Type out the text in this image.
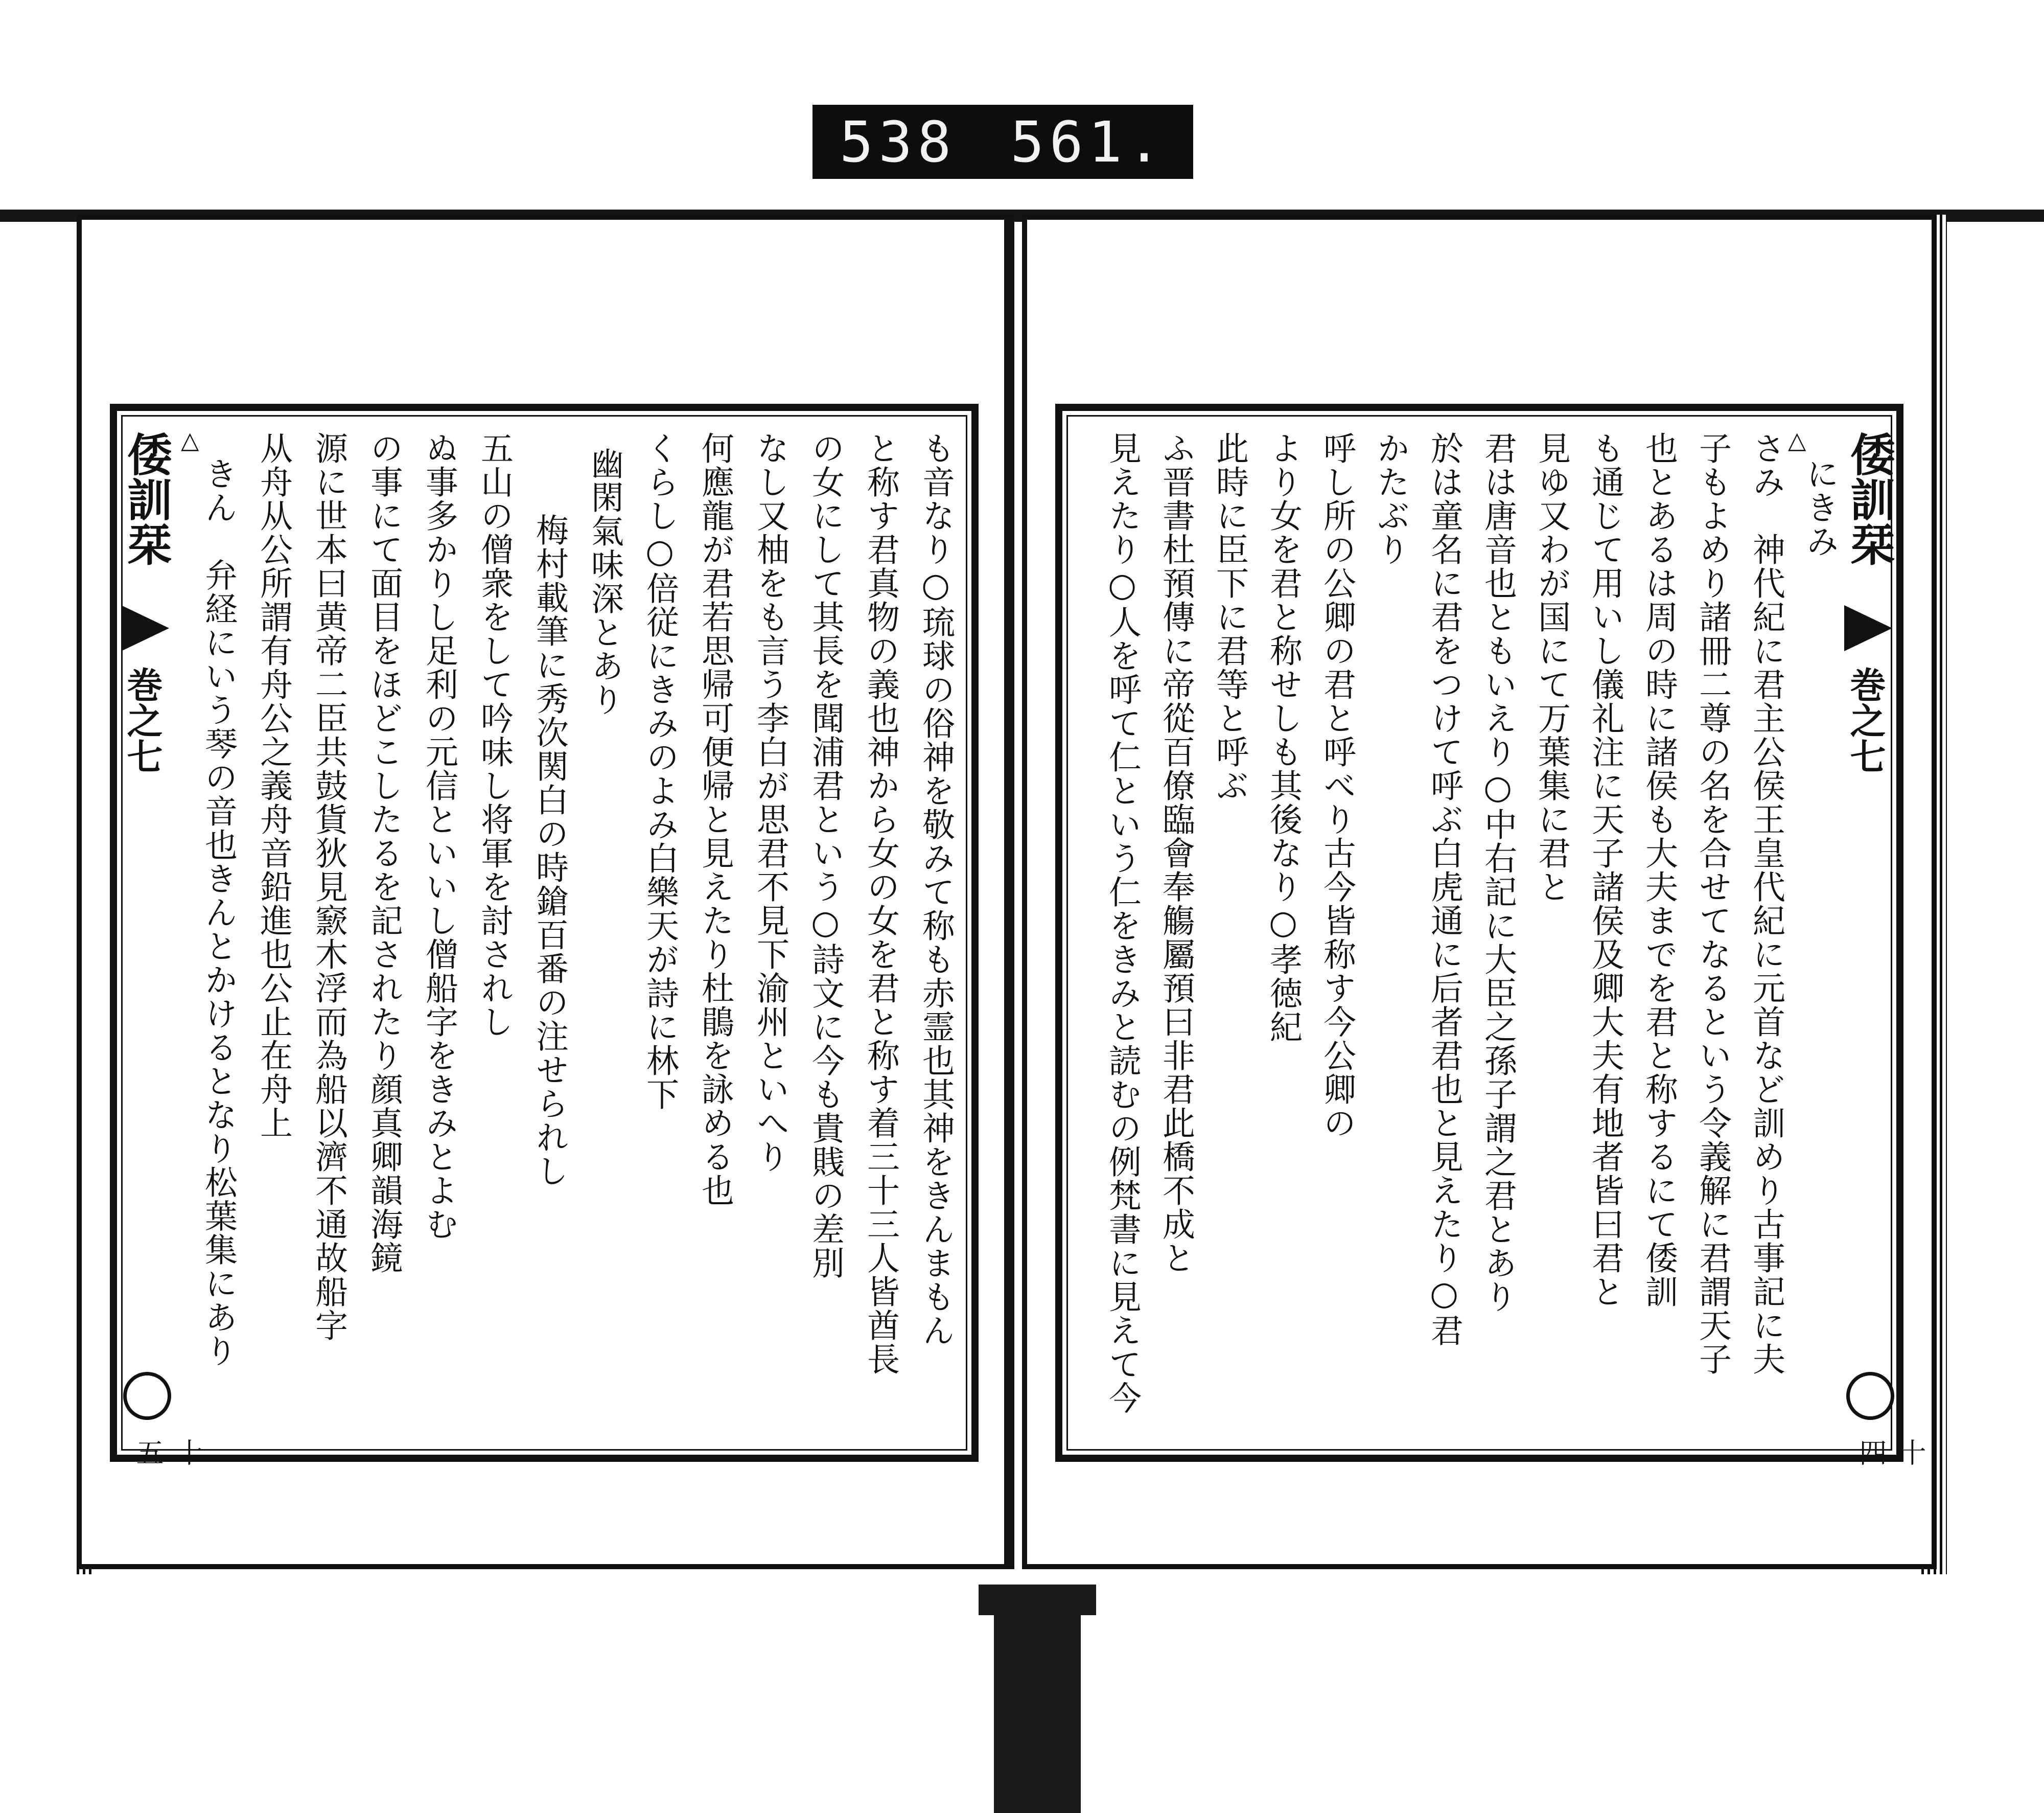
538 561.
倭訓栞
巻之七
十五
△	も音なり○琉球の俗神を敬みて称も赤霊也其神をきんまもん
と称す君真物の義也神から女の女を君と称す着三十三人皆酋長
の女にして其長を聞浦君という○詩文に今も貴賎の差別
なし又柚をも言う李白が思君不見下渝州といへり
何應龍が君若思帰可便帰と見えたり杜鵑を詠める也
くらし○倍従にきみのよみ白樂天が詩に林下
幽閑氣味深とあり
梅村載筆に秀次関白の時鎗百番の注せられし
五山の僧衆をして吟味し将軍を討されし
ぬ事多かりし足利の元信といいし僧船字をきみとよむ
の事にて面目をほどこしたるを記されたり顔真卿韻海鏡
源に世本曰黄帝二臣共鼓貨狄見窾木浮而為船以濟不通故船字
从舟从公所謂有舟公之義舟音鉛進也公止在舟上
きん　弁経にいう琴の音也きんとかけるとなり松葉集にあり	倭訓栞
巻之七
十四
△
にきみ
さみ　神代紀に君主公侯王皇代紀に元首など訓めり古事記に夫
子もよめり諸冊二尊の名を合せてなるという令義解に君謂天子
也とあるは周の時に諸侯も大夫までを君と称するにて倭訓
も通じて用いし儀礼注に天子諸侯及卿大夫有地者皆曰君と
見ゆ又わが国にて万葉集に君と
君は唐音也ともいえり○中右記に大臣之孫子謂之君とあり
於は童名に君をつけて呼ぶ白虎通に后者君也と見えたり○君
かたぶり
呼し所の公卿の君と呼べり古今皆称す今公卿の
より女を君と称せしも其後なり○孝徳紀
此時に臣下に君等と呼ぶ
ふ晋書杜預傳に帝從百僚臨會奉觴屬預曰非君此橋不成と
見えたり○人を呼て仁という仁をきみと読むの例梵書に見えて今
